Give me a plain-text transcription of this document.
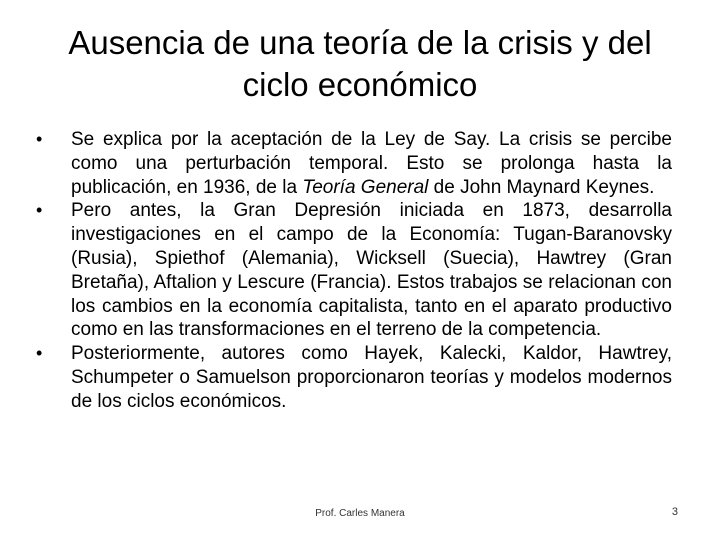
Ausencia de una teoría de la crisis y del
ciclo económico
•	Se explica por la aceptación de la Ley de Say. La crisis se percibe como una perturbación temporal. Esto se prolonga hasta la publicación, en 1936, de la Teoría General de John Maynard Keynes.
•	Pero antes, la Gran Depresión iniciada en 1873, desarrolla investigaciones en el campo de la Economía: Tugan-Baranovsky (Rusia), Spiethof (Alemania), Wicksell (Suecia), Hawtrey (Gran Bretaña), Aftalion y Lescure (Francia). Estos trabajos se relacionan con los cambios en la economía capitalista, tanto en el aparato productivo como en las transformaciones en el terreno de la competencia.
•	Posteriormente, autores como Hayek, Kalecki, Kaldor, Hawtrey, Schumpeter o Samuelson proporcionaron teorías y modelos modernos de los ciclos económicos.
Prof. Carles Manera	3
